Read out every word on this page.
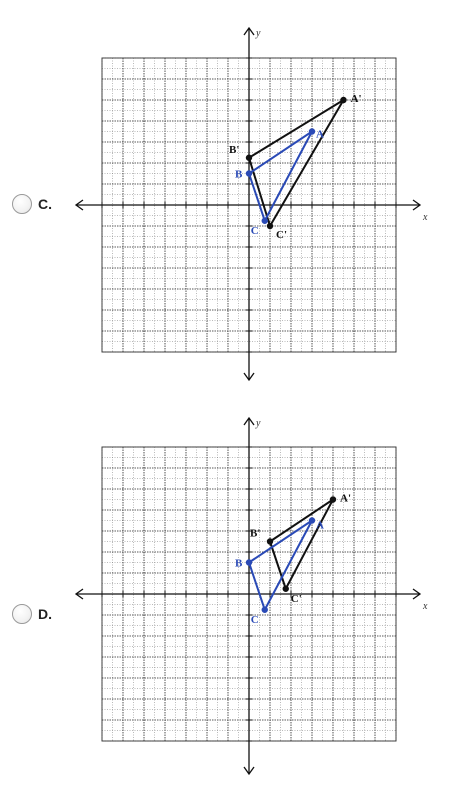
C.
x
y
A'
B'
C'
A
B
C
D.	x
y
A'
B'
C'
A
B
C
